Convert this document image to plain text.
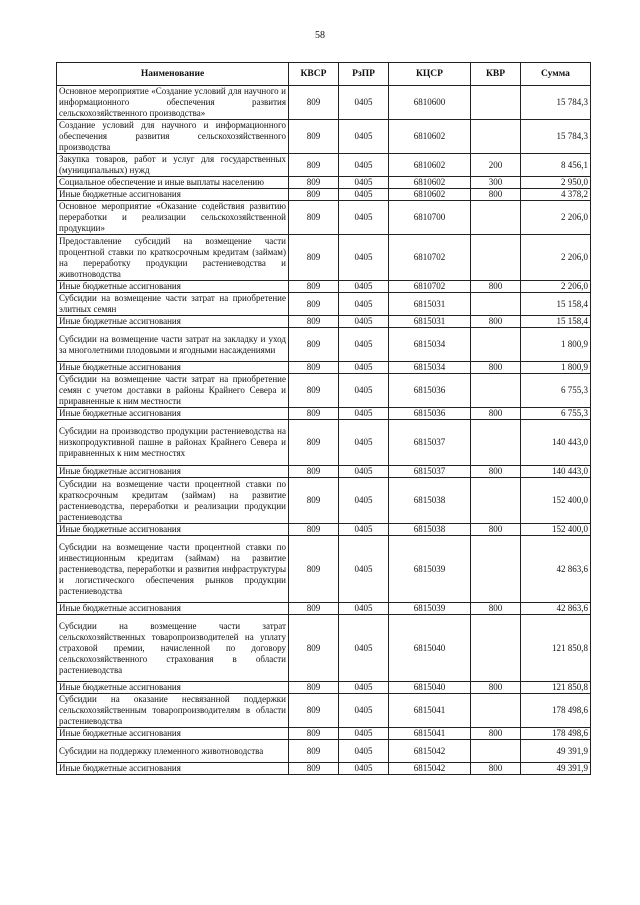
58
Наименование	КВСР	РзПР	КЦСР	КВР	Сумма
Основное мероприятие «Создание условий для научного и информационного обеспечения развития сельскохозяйственного производства»	809	0405	6810600		15 784,3
Создание условий для научного и информационного обеспечения развития сельскохозяйственного производства	809	0405	6810602		15 784,3
Закупка товаров, работ и услуг для государственных (муниципальных) нужд	809	0405	6810602	200	8 456,1
Социальное обеспечение и иные выплаты населению	809	0405	6810602	300	2 950,0
Иные бюджетные ассигнования	809	0405	6810602	800	4 378,2
Основное мероприятие «Оказание содействия развитию переработки и реализации сельскохозяйственной продукции»	809	0405	6810700		2 206,0
Предоставление субсидий на возмещение части процентной ставки по краткосрочным кредитам (займам) на переработку продукции растениеводства и животноводства	809	0405	6810702		2 206,0
Иные бюджетные ассигнования	809	0405	6810702	800	2 206,0
Субсидии на возмещение части затрат на приобретение элитных семян	809	0405	6815031		15 158,4
Иные бюджетные ассигнования	809	0405	6815031	800	15 158,4
Субсидии на возмещение части затрат на закладку и уход за многолетними плодовыми и ягодными насаждениями	809	0405	6815034		1 800,9
Иные бюджетные ассигнования	809	0405	6815034	800	1 800,9
Субсидии на возмещение части затрат на приобретение семян с учетом доставки в районы Крайнего Севера и приравненные к ним местности	809	0405	6815036		6 755,3
Иные бюджетные ассигнования	809	0405	6815036	800	6 755,3
Субсидии на производство продукции растениеводства на низкопродуктивной пашне в районах Крайнего Севера и приравненных к ним местностях	809	0405	6815037		140 443,0
Иные бюджетные ассигнования	809	0405	6815037	800	140 443,0
Субсидии на возмещение части процентной ставки по краткосрочным кредитам (займам) на развитие растениеводства, переработки и реализации продукции растениеводства	809	0405	6815038		152 400,0
Иные бюджетные ассигнования	809	0405	6815038	800	152 400,0
Субсидии на возмещение части процентной ставки по инвестиционным кредитам (займам) на развитие растениеводства, переработки и развития инфраструктуры и логистического обеспечения рынков продукции растениеводства	809	0405	6815039		42 863,6
Иные бюджетные ассигнования	809	0405	6815039	800	42 863,6
Субсидии на возмещение части затрат сельскохозяйственных товаропроизводителей на уплату страховой премии, начисленной по договору сельскохозяйственного страхования в области растениеводства	809	0405	6815040		121 850,8
Иные бюджетные ассигнования	809	0405	6815040	800	121 850,8
Субсидии на оказание несвязанной поддержки сельскохозяйственным товаропроизводителям в области растениеводства	809	0405	6815041		178 498,6
Иные бюджетные ассигнования	809	0405	6815041	800	178 498,6
Субсидии на поддержку племенного животноводства	809	0405	6815042		49 391,9
Иные бюджетные ассигнования	809	0405	6815042	800	49 391,9
